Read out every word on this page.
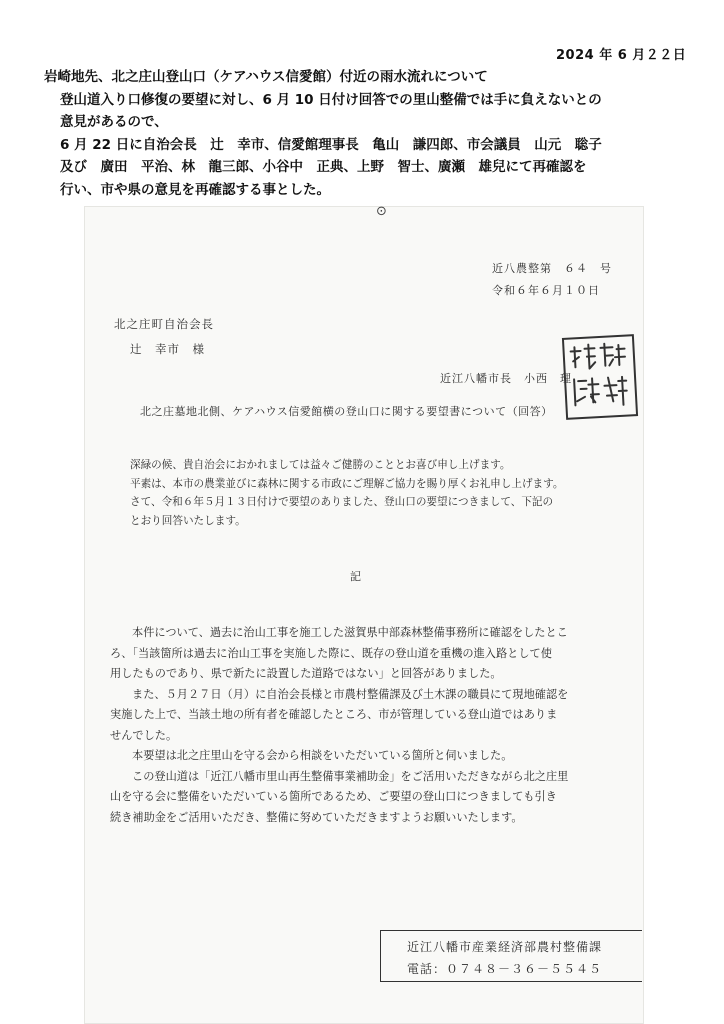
2024 年 6 月２２日
岩崎地先、北之庄山登山口（ケアハウス信愛館）付近の雨水流れについて
登山道入り口修復の要望に対し、6 月 10 日付け回答での里山整備では手に負えないとの
意見があるので、
6 月 22 日に自治会長　辻　幸市、信愛館理事長　亀山　謙四郎、市会議員　山元　聡子
及び　廣田　平治、林　龍三郎、小谷中　正典、上野　智士、廣瀬　雄兒にて再確認を
行い、市や県の意見を再確認する事とした。
⊙
近八農整第　６４　号
令和６年６月１０日
北之庄町自治会長
辻　幸市　様
近江八幡市長　小西　理
北之庄墓地北側、ケアハウス信愛館横の登山口に関する要望書について（回答）
深緑の候、貴自治会におかれましては益々ご健勝のこととお喜び申し上げます。
平素は、本市の農業並びに森林に関する市政にご理解ご協力を賜り厚くお礼申し上げます。
さて、令和６年５月１３日付けで要望のありました、登山口の要望につきまして、下記の
とおり回答いたします。
記
本件について、過去に治山工事を施工した滋賀県中部森林整備事務所に確認をしたとこ
ろ、「当該箇所は過去に治山工事を実施した際に、既存の登山道を重機の進入路として使
用したものであり、県で新たに設置した道路ではない」と回答がありました。
また、５月２７日（月）に自治会長様と市農村整備課及び土木課の職員にて現地確認を
実施した上で、当該土地の所有者を確認したところ、市が管理している登山道ではありま
せんでした。
本要望は北之庄里山を守る会から相談をいただいている箇所と伺いました。
この登山道は「近江八幡市里山再生整備事業補助金」をご活用いただきながら北之庄里
山を守る会に整備をいただいている箇所であるため、ご要望の登山口につきましても引き
続き補助金をご活用いただき、整備に努めていただきますようお願いいたします。
近江八幡市産業経済部農村整備課
電話：０７４８－３６－５５４５
